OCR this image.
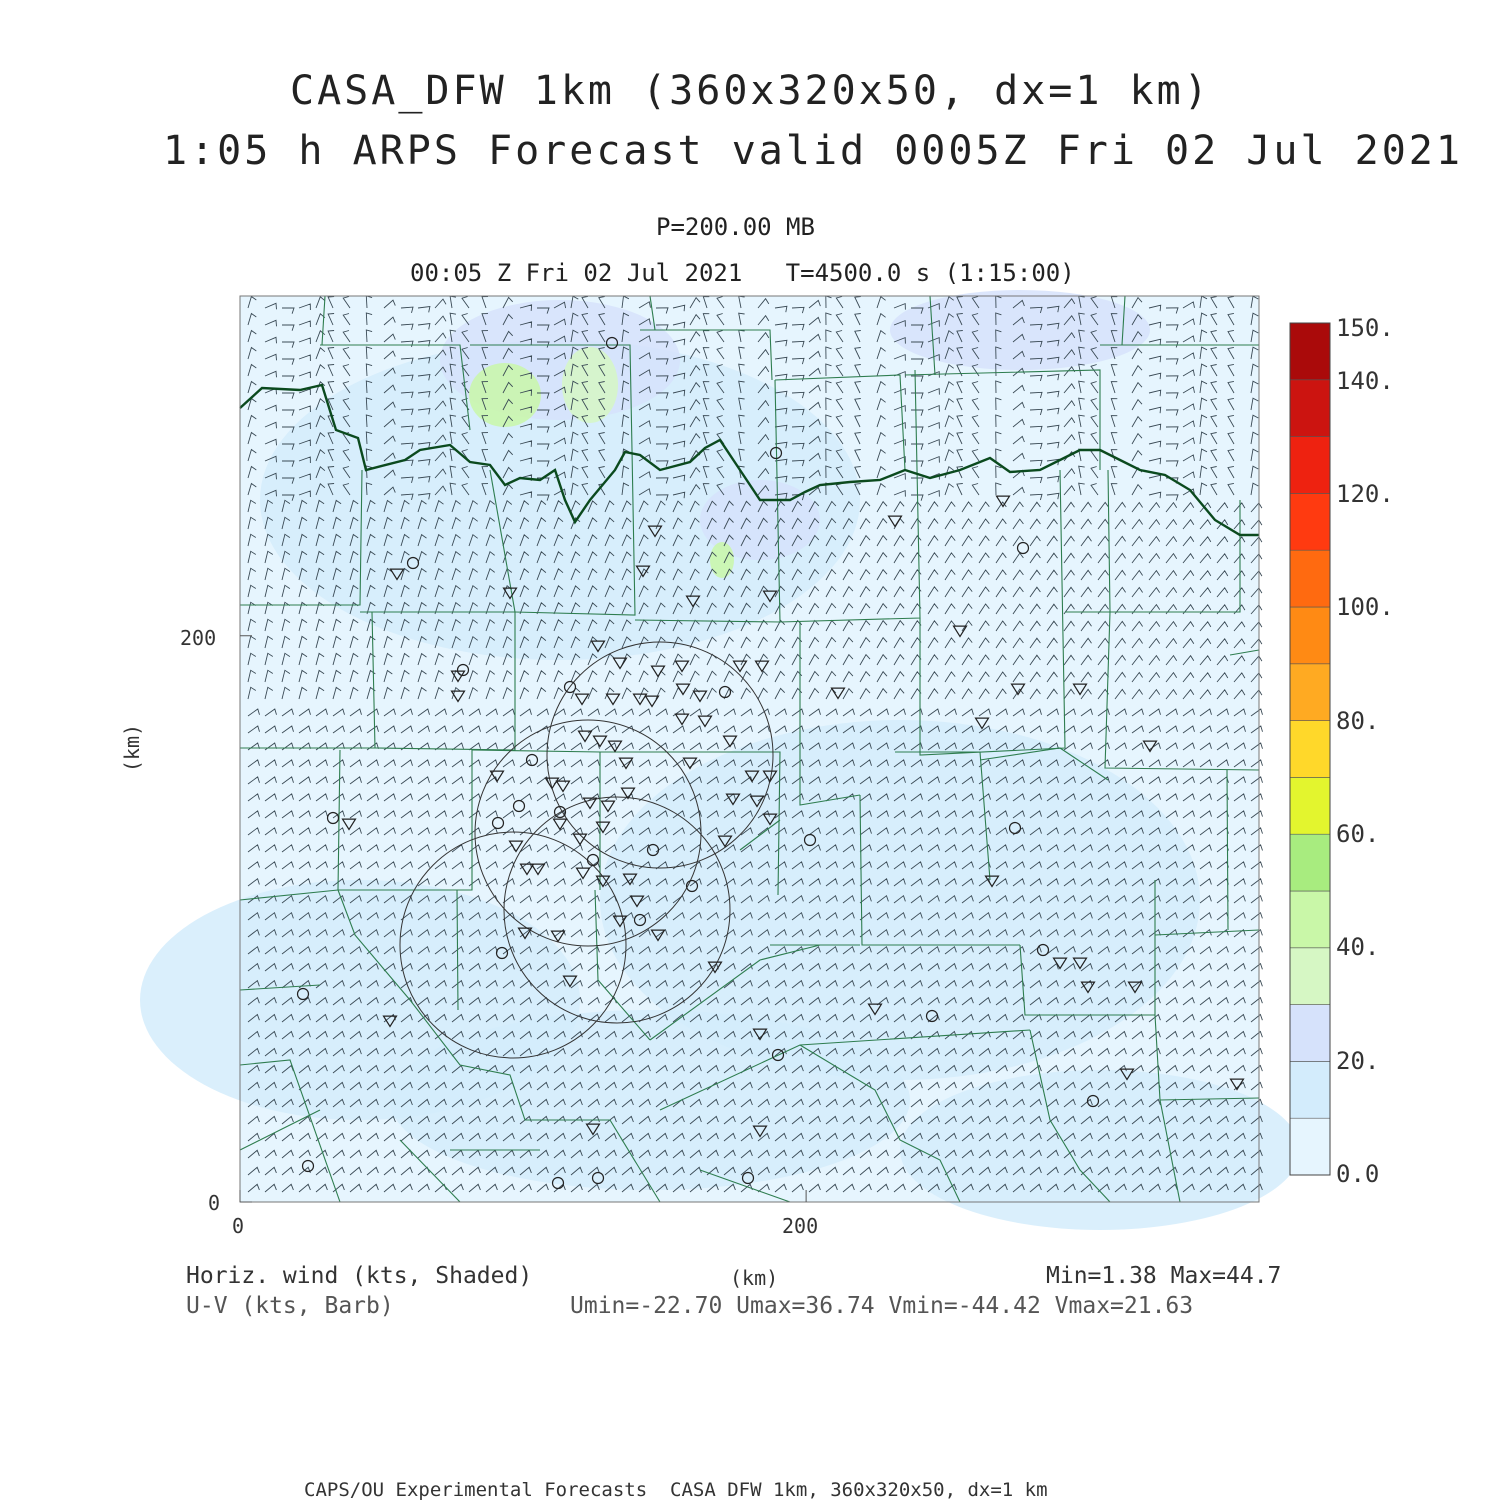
CASA_DFW 1km (360x320x50, dx=1 km)
1:05 h ARPS Forecast valid 0005Z Fri 02 Jul 2021
P=200.00 MB
00:05 Z Fri 02 Jul 2021   T=4500.0 s (1:15:00)
200
0
0	200
(km)
150.
140.
120.
100.
80.
60.
40.
20.
0.0
Horiz. wind (kts, Shaded)
U-V (kts, Barb)
(km)	Min=1.38 Max=44.7
Umin=-22.70 Umax=36.74 Vmin=-44.42 Vmax=21.63
CAPS/OU Experimental Forecasts  CASA DFW 1km, 360x320x50, dx=1 km
